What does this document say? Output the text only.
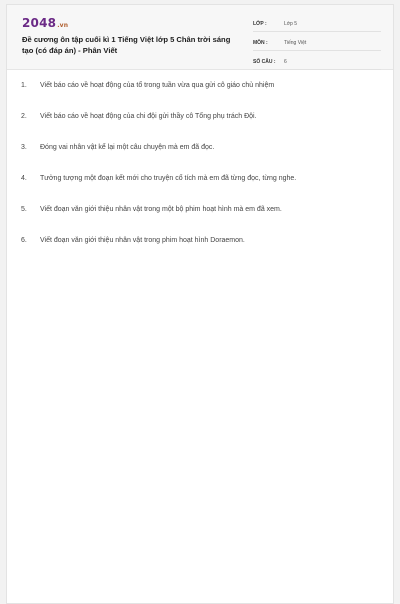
2048.vn
Đề cương ôn tập cuối kì 1 Tiếng Việt lớp 5 Chân trời sáng tạo (có đáp án) - Phân Viết
LỚP :	Lớp 5
MÔN :	Tiếng Việt
SỐ CÂU :	6
1.	Viết báo cáo về hoạt động của tổ trong tuần vừa qua gửi cô giáo chủ nhiệm
2.	Viết báo cáo về hoạt động của chi đội gửi thầy cô Tổng phụ trách Đội.
3.	Đóng vai nhân vật kể lại một câu chuyện mà em đã đọc.
4.	Tưởng tượng một đoạn kết mới cho truyện cổ tích mà em đã từng đọc, từng nghe.
5.	Viết đoạn văn giới thiệu nhân vật trong một bộ phim hoạt hình mà em đã xem.
6.	Viết đoạn văn giới thiệu nhân vật trong phim hoạt hình Doraemon.
